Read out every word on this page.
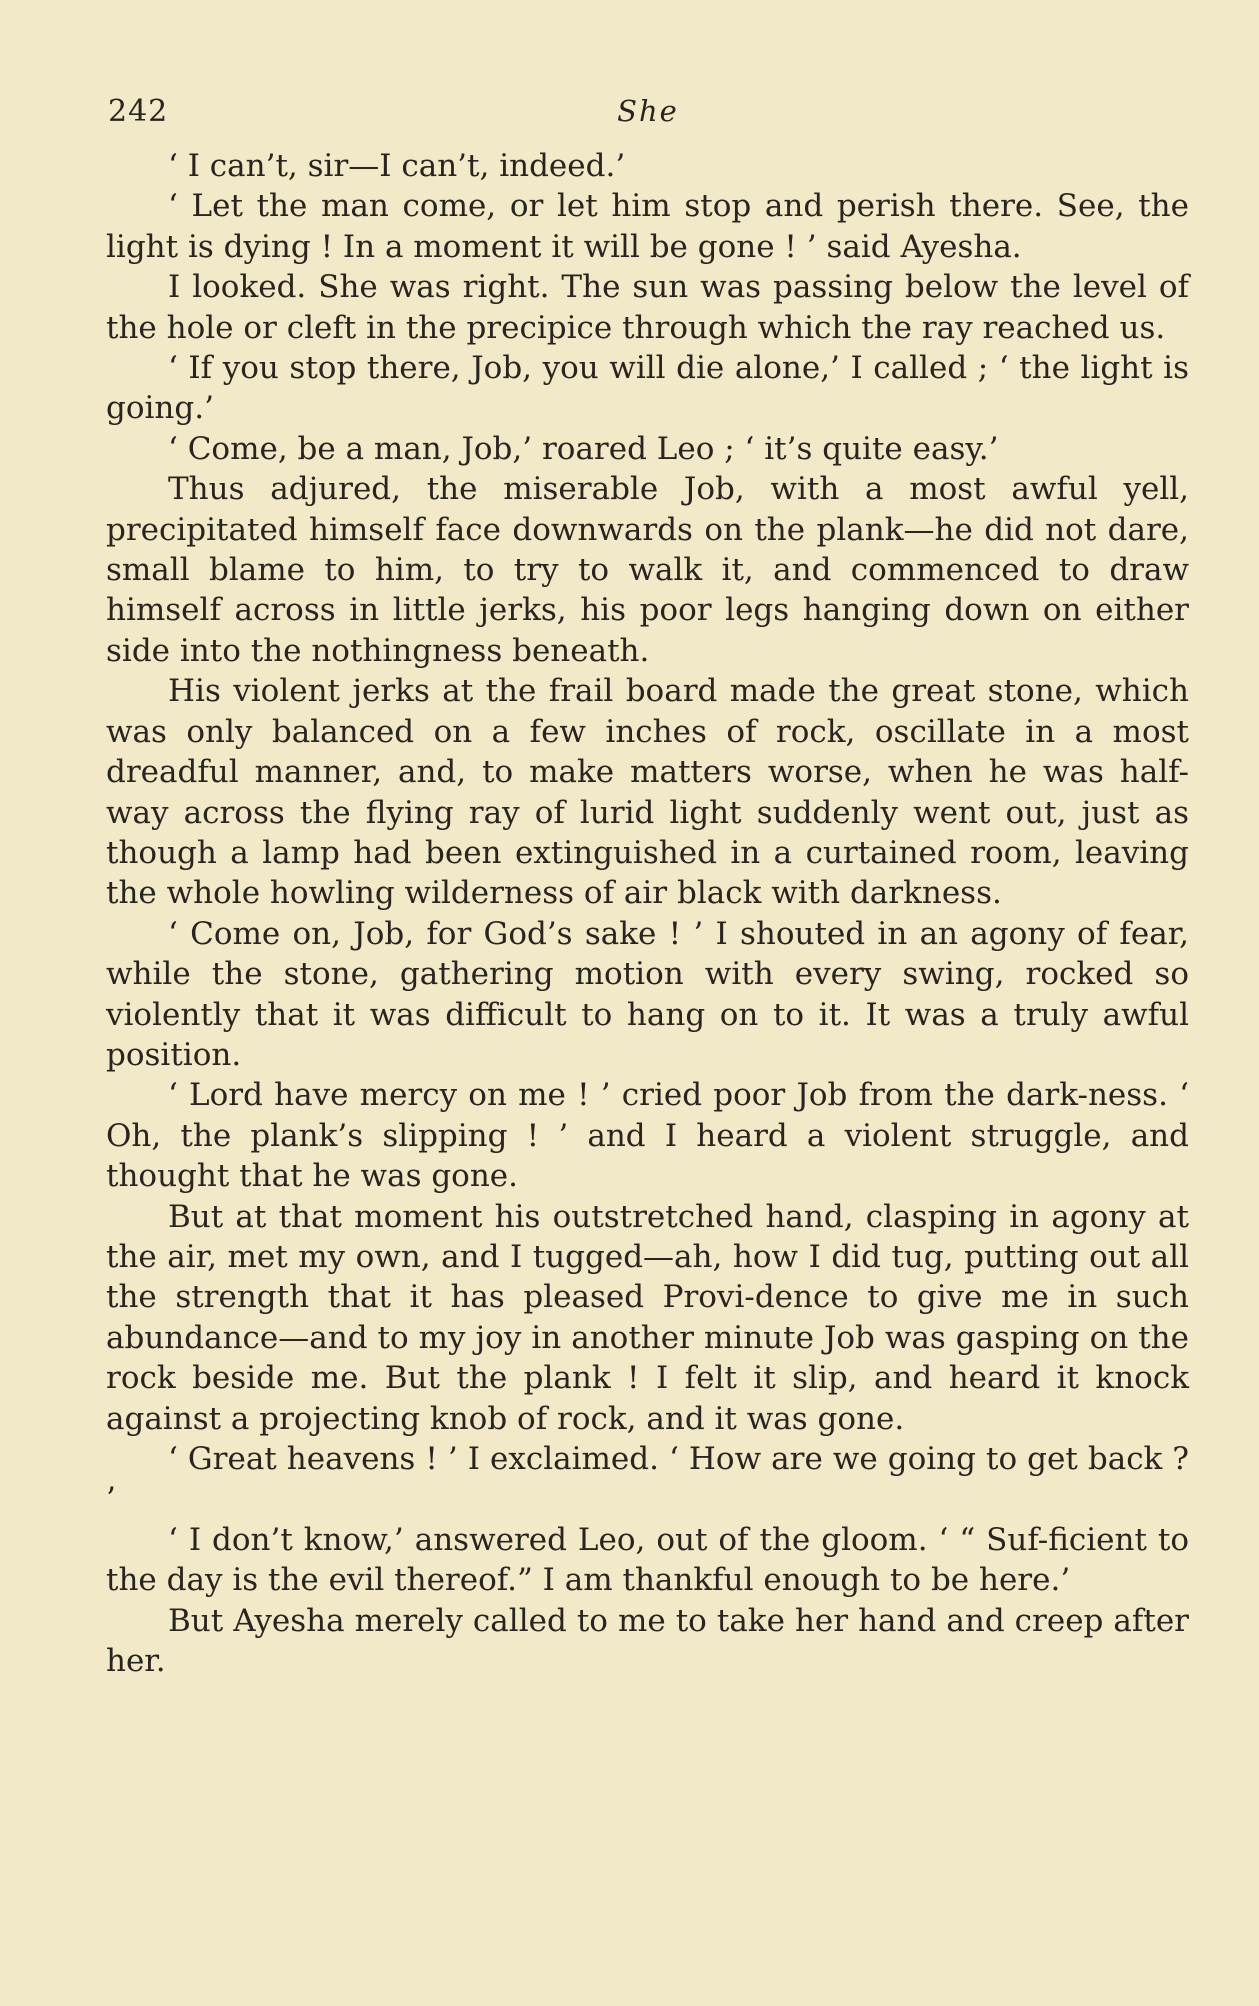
242	She

‘ I can’t, sir—I can’t, indeed.’

‘ Let the man come, or let him stop and perish there. See, the light is dying ! In a moment it will be gone ! ’ said Ayesha.

I looked. She was right. The sun was passing below the level of the hole or cleft in the precipice through which the ray reached us.

‘ If you stop there, Job, you will die alone,’ I called ; ‘ the light is going.’

‘ Come, be a man, Job,’ roared Leo ; ‘ it’s quite easy.’

Thus adjured, the miserable Job, with a most awful yell, precipitated himself face downwards on the plank—he did not dare, small blame to him, to try to walk it, and commenced to draw himself across in little jerks, his poor legs hanging down on either side into the nothingness beneath.

His violent jerks at the frail board made the great stone, which was only balanced on a few inches of rock, oscillate in a most dreadful manner, and, to make matters worse, when he was half-way across the flying ray of lurid light suddenly went out, just as though a lamp had been extinguished in a curtained room, leaving the whole howling wilderness of air black with darkness.

‘ Come on, Job, for God’s sake ! ’ I shouted in an agony of fear, while the stone, gathering motion with every swing, rocked so violently that it was difficult to hang on to it. It was a truly awful position.

‘ Lord have mercy on me ! ’ cried poor Job from the dark-ness. ‘ Oh, the plank’s slipping ! ’ and I heard a violent struggle, and thought that he was gone.

But at that moment his outstretched hand, clasping in agony at the air, met my own, and I tugged—ah, how I did tug, putting out all the strength that it has pleased Provi-dence to give me in such abundance—and to my joy in another minute Job was gasping on the rock beside me. But the plank ! I felt it slip, and heard it knock against a projecting knob of rock, and it was gone.

‘ Great heavens ! ’ I exclaimed. ‘ How are we going to get back ? ’

‘ I don’t know,’ answered Leo, out of the gloom. ‘ “ Suf-ficient to the day is the evil thereof.” I am thankful enough to be here.’

But Ayesha merely called to me to take her hand and creep after her.
